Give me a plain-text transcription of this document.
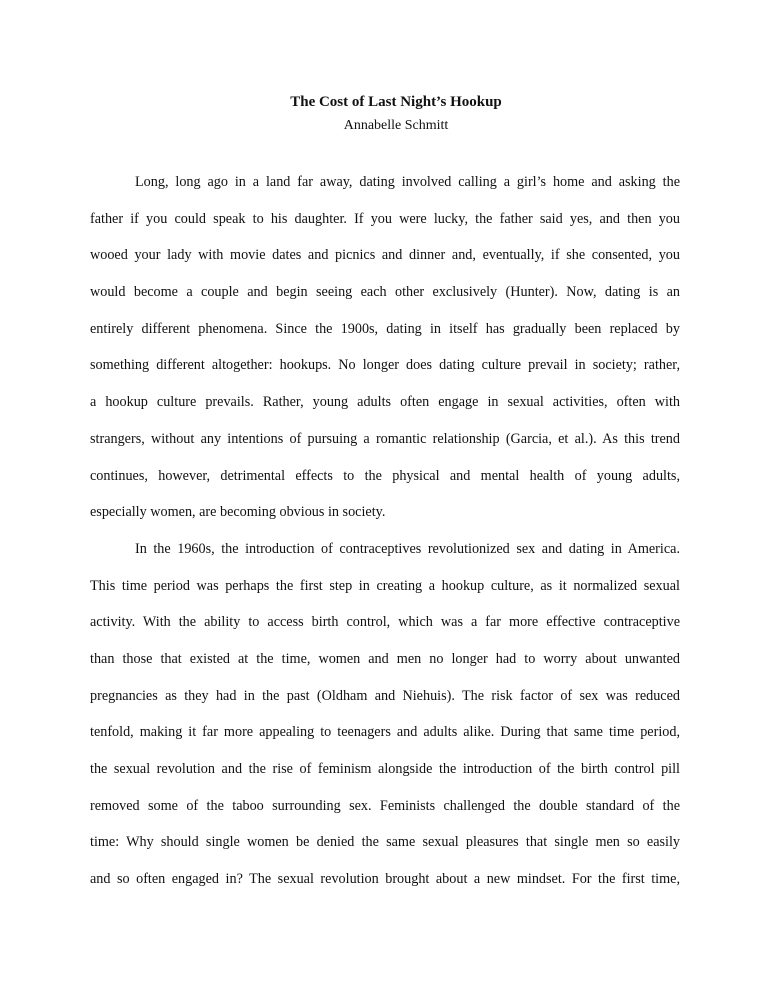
The Cost of Last Night’s Hookup

Annabelle Schmitt

Long, long ago in a land far away, dating involved calling a girl’s home and asking the
father if you could speak to his daughter. If you were lucky, the father said yes, and then you
wooed your lady with movie dates and picnics and dinner and, eventually, if she consented, you
would become a couple and begin seeing each other exclusively (Hunter). Now, dating is an
entirely different phenomena. Since the 1900s, dating in itself has gradually been replaced by
something different altogether: hookups. No longer does dating culture prevail in society; rather,
a hookup culture prevails. Rather, young adults often engage in sexual activities, often with
strangers, without any intentions of pursuing a romantic relationship (Garcia, et al.). As this trend
continues, however, detrimental effects to the physical and mental health of young adults,
especially women, are becoming obvious in society.
In the 1960s, the introduction of contraceptives revolutionized sex and dating in America.
This time period was perhaps the first step in creating a hookup culture, as it normalized sexual
activity. With the ability to access birth control, which was a far more effective contraceptive
than those that existed at the time, women and men no longer had to worry about unwanted
pregnancies as they had in the past (Oldham and Niehuis). The risk factor of sex was reduced
tenfold, making it far more appealing to teenagers and adults alike. During that same time period,
the sexual revolution and the rise of feminism alongside the introduction of the birth control pill
removed some of the taboo surrounding sex. Feminists challenged the double standard of the
time: Why should single women be denied the same sexual pleasures that single men so easily
and so often engaged in? The sexual revolution brought about a new mindset. For the first time,
